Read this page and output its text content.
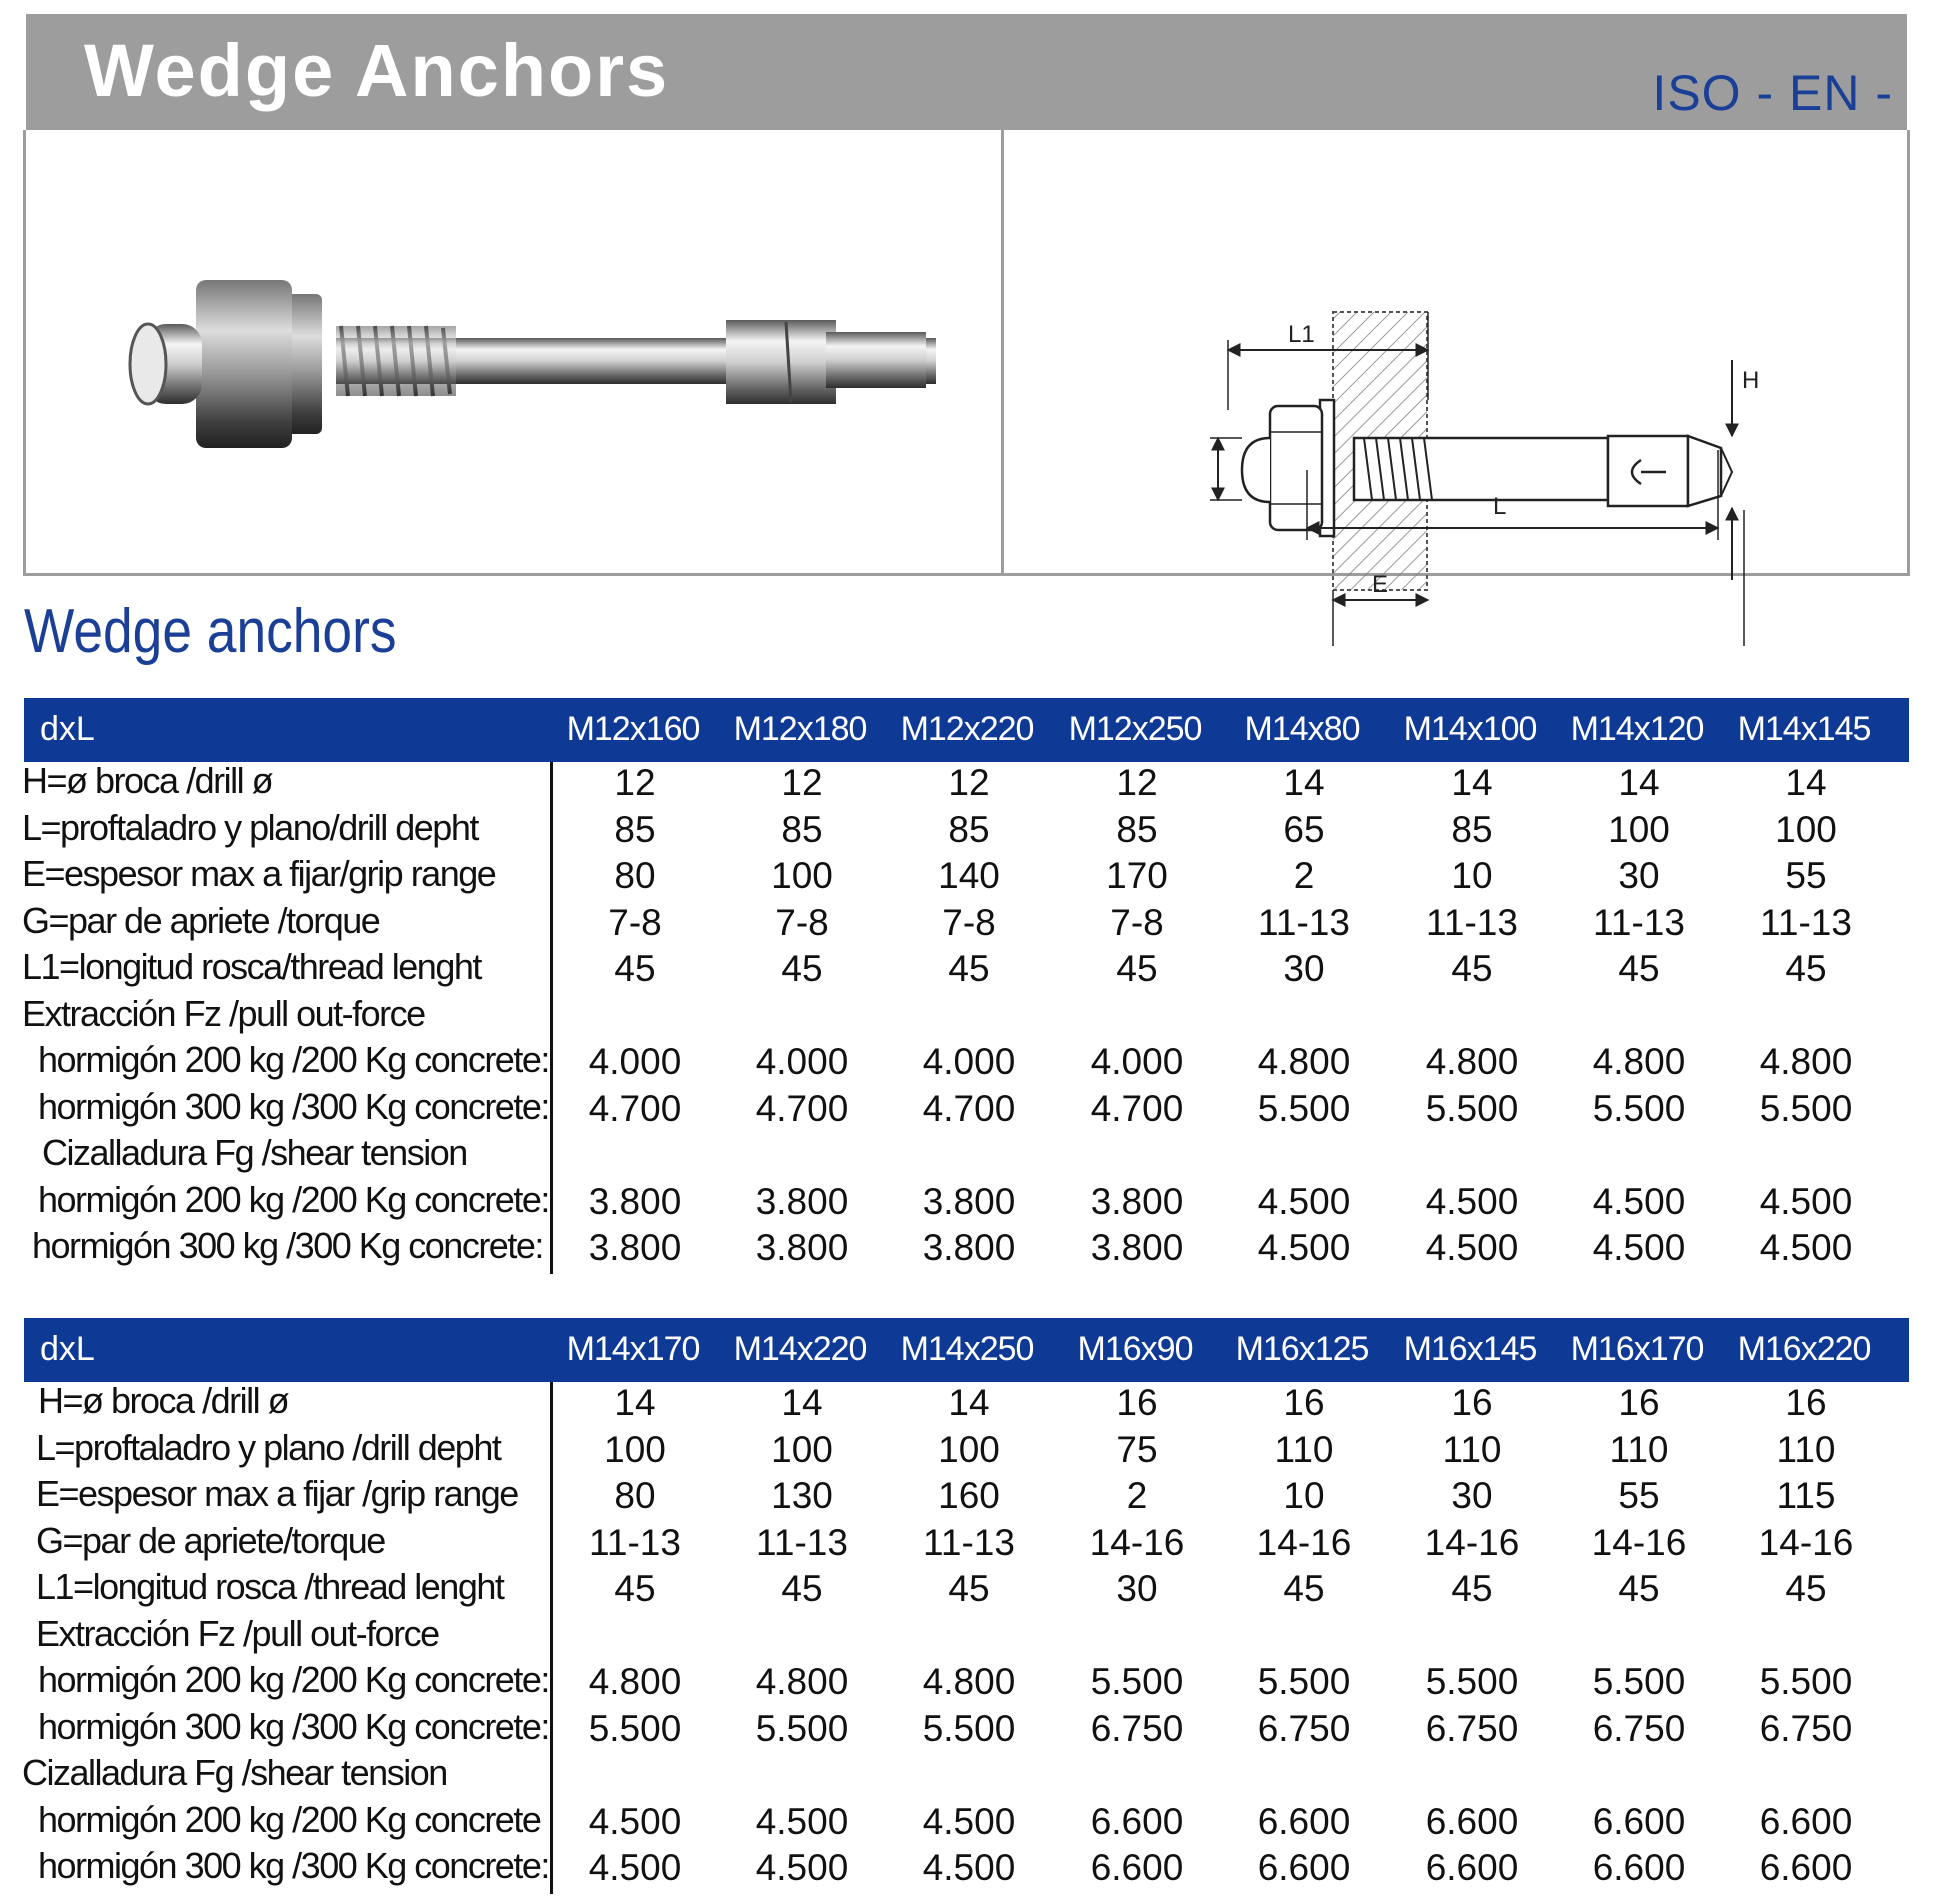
Wedge Anchors	ISO - EN -
L1
H
E
L
Wedge anchors
dxL	M12x160	M12x180	M12x220	M12x250	M14x80	M14x100	M14x120	M14x145
H=ø broca /drill ø	12	12	12	12	14	14	14	14
L=proftaladro y plano/drill depht	85	85	85	85	65	85	100	100
E=espesor max a fijar/grip range	80	100	140	170	2	10	30	55
G=par de apriete /torque	7-8	7-8	7-8	7-8	11-13	11-13	11-13	11-13
L1=longitud rosca/thread lenght	45	45	45	45	30	45	45	45
Extracción Fz /pull out-force
hormigón 200 kg /200 Kg concrete:	4.000	4.000	4.000	4.000	4.800	4.800	4.800	4.800
hormigón 300 kg /300 Kg concrete:	4.700	4.700	4.700	4.700	5.500	5.500	5.500	5.500
Cizalladura Fg /shear tension
hormigón 200 kg /200 Kg concrete:	3.800	3.800	3.800	3.800	4.500	4.500	4.500	4.500
hormigón 300 kg /300 Kg concrete:	3.800	3.800	3.800	3.800	4.500	4.500	4.500	4.500
dxL	M14x170	M14x220	M14x250	M16x90	M16x125	M16x145	M16x170	M16x220
H=ø broca /drill ø	14	14	14	16	16	16	16	16
L=proftaladro y plano /drill depht	100	100	100	75	110	110	110	110
E=espesor max a fijar /grip range	80	130	160	2	10	30	55	115
G=par de apriete/torque	11-13	11-13	11-13	14-16	14-16	14-16	14-16	14-16
L1=longitud rosca /thread lenght	45	45	45	30	45	45	45	45
Extracción Fz /pull out-force
hormigón 200 kg /200 Kg concrete:	4.800	4.800	4.800	5.500	5.500	5.500	5.500	5.500
hormigón 300 kg /300 Kg concrete:	5.500	5.500	5.500	6.750	6.750	6.750	6.750	6.750
Cizalladura Fg /shear tension
hormigón 200 kg /200 Kg concrete	4.500	4.500	4.500	6.600	6.600	6.600	6.600	6.600
hormigón 300 kg /300 Kg concrete:	4.500	4.500	4.500	6.600	6.600	6.600	6.600	6.600
